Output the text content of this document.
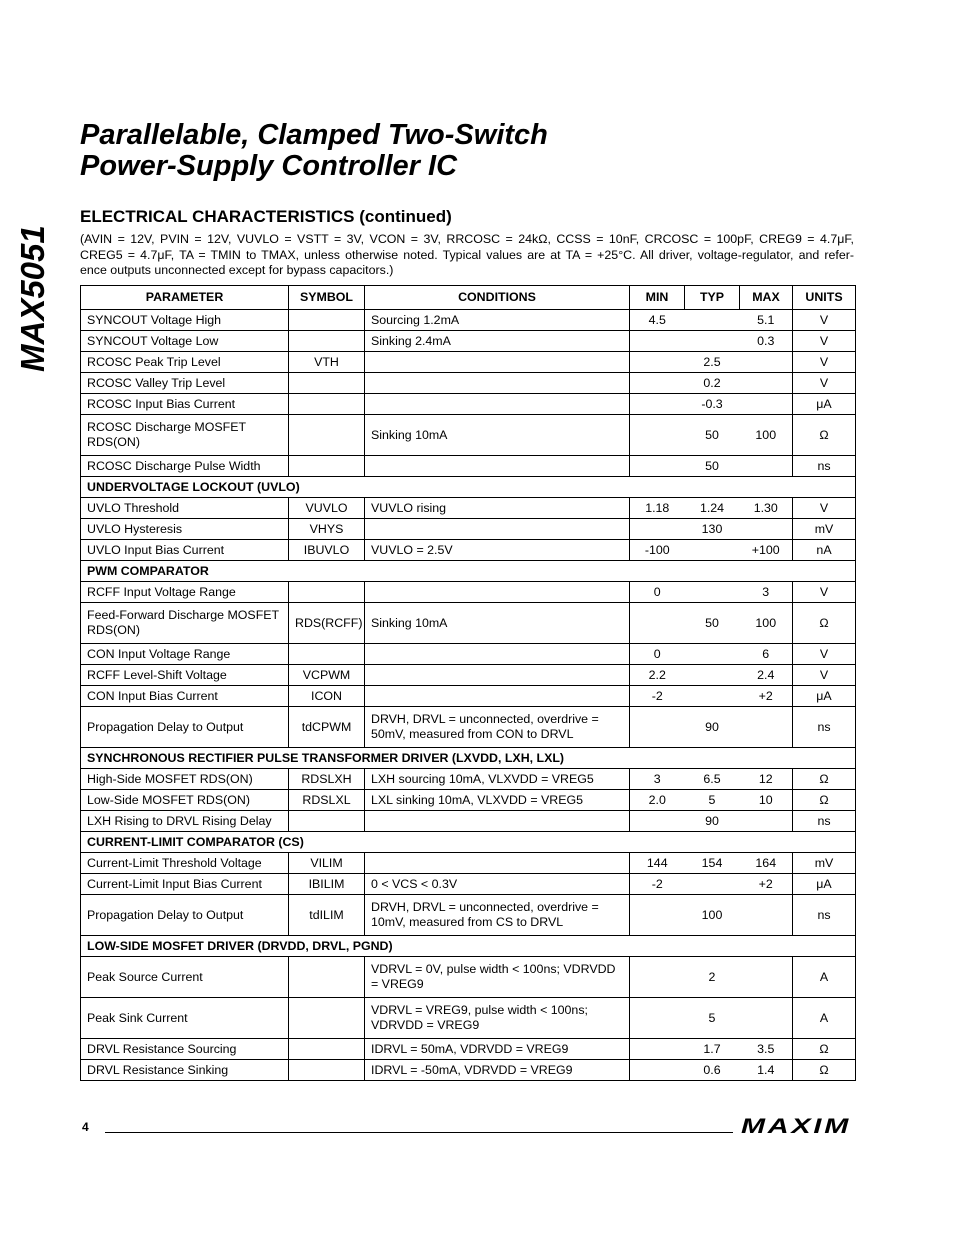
MAX5051
Parallelable, Clamped Two-Switch
Power-Supply Controller IC
ELECTRICAL CHARACTERISTICS (continued)
(AVIN = 12V, PVIN = 12V, VUVLO = VSTT = 3V, VCON = 3V, RRCOSC = 24kΩ, CCSS = 10nF, CRCOSC = 100pF, CREG9 = 4.7μF,
CREG5 = 4.7μF, TA = TMIN to TMAX, unless otherwise noted. Typical values are at TA = +25°C. All driver, voltage-regulator, and refer-
ence outputs unconnected except for bypass capacitors.)
PARAMETER	SYMBOL	CONDITIONS	MIN	TYP	MAX	UNITS
SYNCOUT Voltage High		Sourcing 1.2mA	4.5		5.1	V
SYNCOUT Voltage Low		Sinking 2.4mA			0.3	V
RCOSC Peak Trip Level	VTH			2.5		V
RCOSC Valley Trip Level				0.2		V
RCOSC Input Bias Current				-0.3		μA
RCOSC Discharge MOSFET RDS(ON)		Sinking 10mA		50	100	Ω
RCOSC Discharge Pulse Width				50		ns
UNDERVOLTAGE LOCKOUT (UVLO)						
UVLO Threshold	VUVLO	VUVLO rising	1.18	1.24	1.30	V
UVLO Hysteresis	VHYS			130		mV
UVLO Input Bias Current	IBUVLO	VUVLO = 2.5V	-100		+100	nA
PWM COMPARATOR						
RCFF Input Voltage Range			0		3	V
Feed-Forward Discharge MOSFET RDS(ON)	RDS(RCFF)	Sinking 10mA		50	100	Ω
CON Input Voltage Range			0		6	V
RCFF Level-Shift Voltage	VCPWM		2.2		2.4	V
CON Input Bias Current	ICON		-2		+2	μA
Propagation Delay to Output	tdCPWM	DRVH, DRVL = unconnected, overdrive = 50mV, measured from CON to DRVL		90		ns
SYNCHRONOUS RECTIFIER PULSE TRANSFORMER DRIVER (LXVDD, LXH, LXL)						
High-Side MOSFET RDS(ON)	RDSLXH	LXH sourcing 10mA, VLXVDD = VREG5	3	6.5	12	Ω
Low-Side MOSFET RDS(ON)	RDSLXL	LXL sinking 10mA, VLXVDD = VREG5	2.0	5	10	Ω
LXH Rising to DRVL Rising Delay				90		ns
CURRENT-LIMIT COMPARATOR (CS)						
Current-Limit Threshold Voltage	VILIM		144	154	164	mV
Current-Limit Input Bias Current	IBILIM	0 < VCS < 0.3V	-2		+2	μA
Propagation Delay to Output	tdILIM	DRVH, DRVL = unconnected, overdrive = 10mV, measured from CS to DRVL		100		ns
LOW-SIDE MOSFET DRIVER (DRVDD, DRVL, PGND)						
Peak Source Current		VDRVL = 0V, pulse width < 100ns; VDRVDD = VREG9		2		A
Peak Sink Current		VDRVL = VREG9, pulse width < 100ns; VDRVDD = VREG9		5		A
DRVL Resistance Sourcing		IDRVL = 50mA, VDRVDD = VREG9		1.7	3.5	Ω
DRVL Resistance Sinking		IDRVL = -50mA, VDRVDD = VREG9		0.6	1.4	Ω
4	MAXIM
